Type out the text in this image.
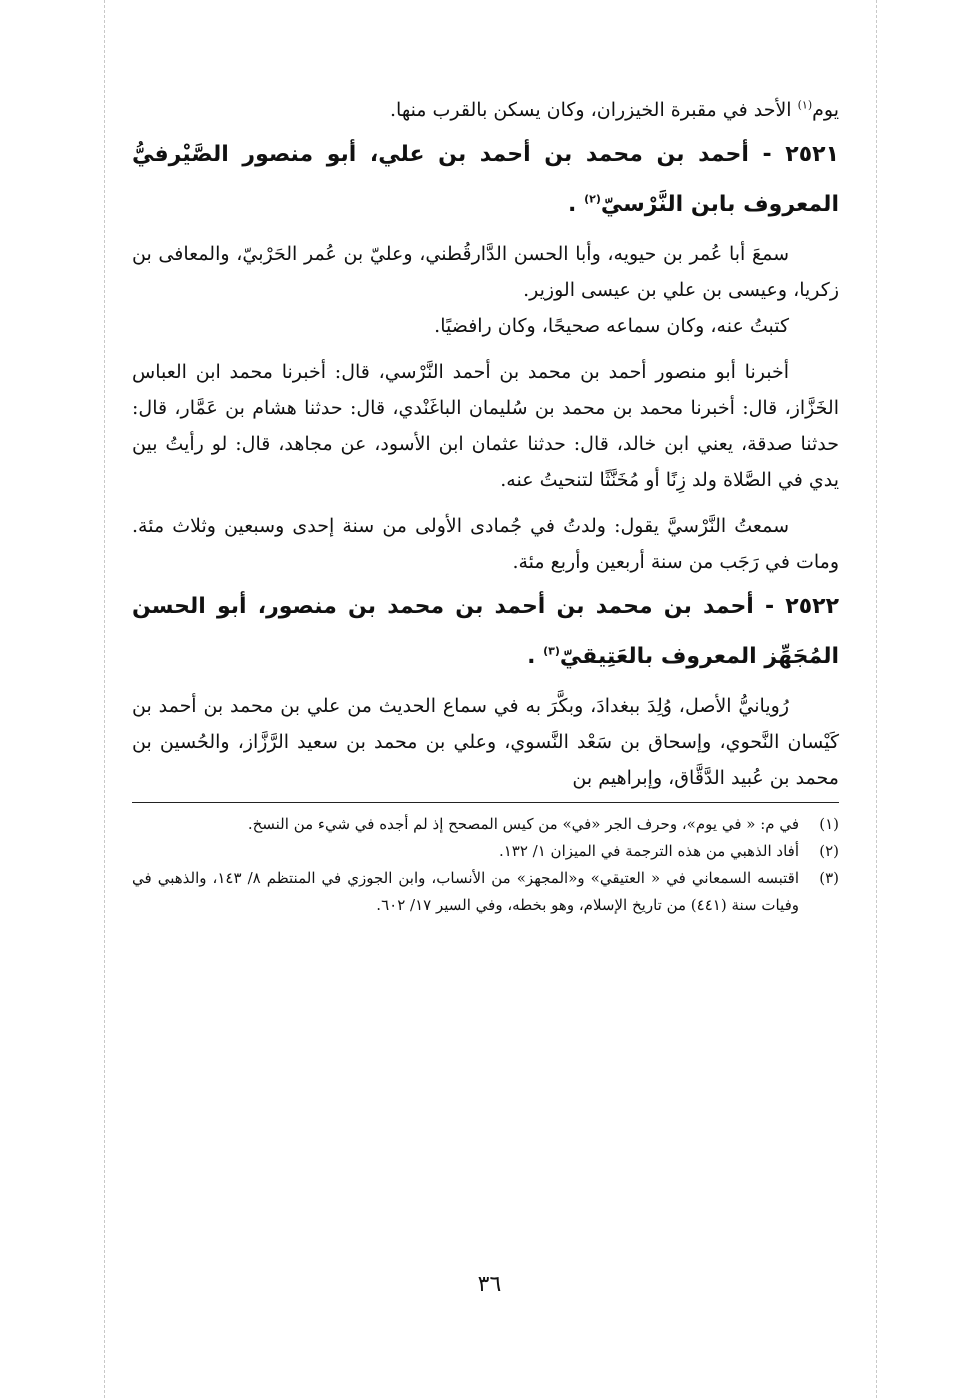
يوم$^{(١)}$ الأحد في مقبرة الخيزران، وكان يسكن بالقرب منها.

٢٥٢١ - أحمد بن محمد بن أحمد بن علي، أبو منصور الصَّيْرفيُّ المعروف بابن النَّرْسيّ$^{(٢)}$ .

سمعَ أبا عُمر بن حيويه، وأبا الحسن الدَّارقُطني، وعليّ بن عُمر الحَرْبيّ، والمعافى بن زكريا، وعيسى بن علي بن عيسى الوزير.

كتبتُ عنه، وكان سماعه صحيحًا، وكان رافضيًا.

أخبرنا أبو منصور أحمد بن محمد بن أحمد النَّرْسي، قال: أخبرنا محمد ابن العباس الخَزَّاز، قال: أخبرنا محمد بن محمد بن سُليمان الباغَنْدي، قال: حدثنا هشام بن عَمَّار، قال: حدثنا صدقة، يعني ابن خالد، قال: حدثنا عثمان ابن الأسود، عن مجاهد، قال: لو رأيتُ بين يدي في الصَّلاة ولد زِنًا أو مُخَنَّثًا لتنحيتُ عنه.

سمعتُ النَّرْسيَّ يقول: ولدتُ في جُمادى الأولى من سنة إحدى وسبعين وثلاث مئة. ومات في رَجَب من سنة أربعين وأربع مئة.

٢٥٢٢ - أحمد بن محمد بن أحمد بن محمد بن منصور، أبو الحسن المُجَهِّز المعروف بالعَتِيقيّ$^{(٣)}$ .

رُويانيُّ الأصل، وُلِدَ ببغدادَ، وبكَّرَ به في سماع الحديث من علي بن محمد بن أحمد بن كَيْسان النَّحوي، وإسحاق بن سَعْد النَّسوي، وعلي بن محمد بن سعيد الرَّزَّاز، والحُسين بن محمد بن عُبيد الدَّقَّاق، وإبراهيم بن

(١)
في م: « في يوم»، وحرف الجر «في» من كيس المصحح إذ لم أجده في شيء من النسخ.
(٢)
أفاد الذهبي من هذه الترجمة في الميزان ١/ ١٣٢.
(٣)
اقتبسه السمعاني في « العتيقي» و«المجهز» من الأنساب، وابن الجوزي في المنتظم ٨/ ١٤٣، والذهبي في وفيات سنة (٤٤١) من تاريخ الإسلام، وهو بخطه، وفي السير ١٧/ ٦٠٢.
٣٦
